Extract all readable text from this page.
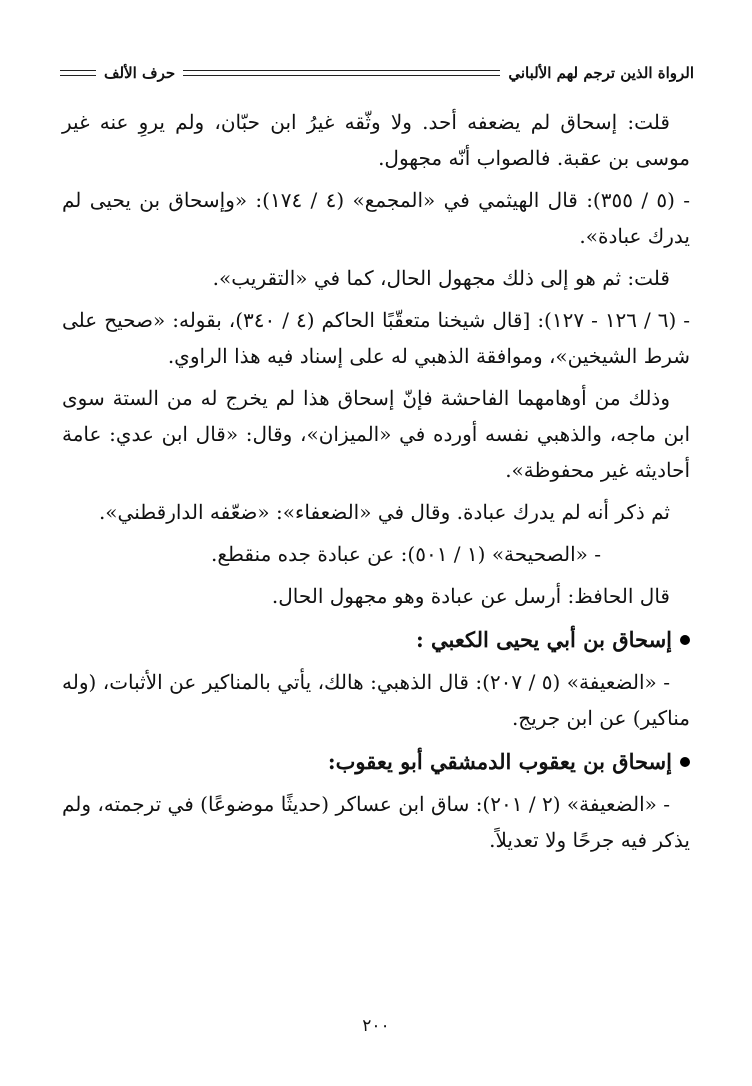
الرواة الذين ترجم لهم الألباني
حرف الألف

قلت: إسحاق لم يضعفه أحد. ولا وثّقه غيرُ ابن حبّان، ولم يروِ عنه غير موسى بن عقبة. فالصواب أنّه مجهول.

- (٥ / ٣٥٥): قال الهيثمي في «المجمع» (٤ / ١٧٤): «وإسحاق بن يحيى لم يدرك عبادة».

قلت: ثم هو إلى ذلك مجهول الحال، كما في «التقريب».

- (٦ / ١٢٦ - ١٢٧): [قال شيخنا متعقّبًا الحاكم (٤ / ٣٤٠)، بقوله: «صحيح على شرط الشيخين»، وموافقة الذهبي له على إسناد فيه هذا الراوي.

وذلك من أوهامهما الفاحشة فإنّ إسحاق هذا لم يخرج له من الستة سوى ابن ماجه، والذهبي نفسه أورده في «الميزان»، وقال: «قال ابن عدي: عامة أحاديثه غير محفوظة».

ثم ذكر أنه لم يدرك عبادة. وقال في «الضعفاء»: «ضعّفه الدارقطني».

- «الصحيحة» (١ / ٥٠١): عن عبادة جده منقطع.

قال الحافظ: أرسل عن عبادة وهو مجهول الحال.

إسحاق بن أبي يحيى الكعبي :

- «الضعيفة» (٥ / ٢٠٧): قال الذهبي: هالك، يأتي بالمناكير عن الأثبات، (وله مناكير) عن ابن جريج.

إسحاق بن يعقوب الدمشقي أبو يعقوب:

- «الضعيفة» (٢ / ٢٠١): ساق ابن عساكر (حديثًا موضوعًا) في ترجمته، ولم يذكر فيه جرحًا ولا تعديلاً.

٢٠٠
